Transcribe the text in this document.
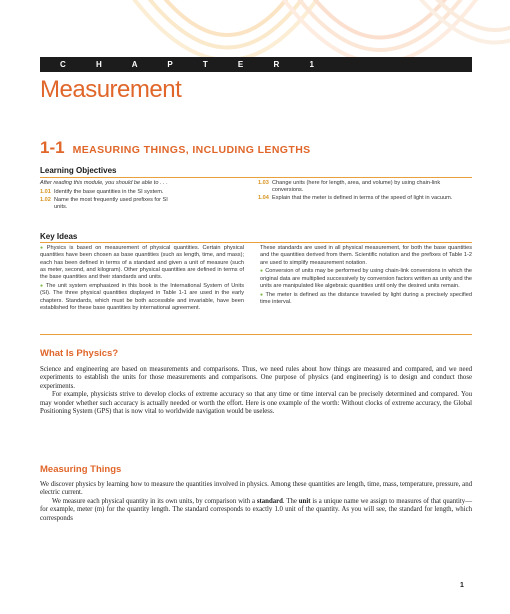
C H A P T E R 1
Measurement
1-1 MEASURING THINGS, INCLUDING LENGTHS
Learning Objectives
After reading this module, you should be able to . . .
1.01 Identify the base quantities in the SI system.
1.02 Name the most frequently used prefixes for SI units.
1.03 Change units (here for length, area, and volume) by using chain-link conversions.
1.04 Explain that the meter is defined in terms of the speed of light in vacuum.
Key Ideas

● Physics is based on measurement of physical quantities. Certain physical quantities have been chosen as base quantities (such as length, time, and mass); each has been defined in terms of a standard and given a unit of measure (such as meter, second, and kilogram). Other physical quantities are defined in terms of the base quantities and their standards and units.

● The unit system emphasized in this book is the International System of Units (SI). The three physical quantities displayed in Table 1-1 are used in the early chapters. Standards, which must be both accessible and invariable, have been established for these base quantities by international agreement.

These standards are used in all physical measurement, for both the base quantities and the quantities derived from them. Scientific notation and the prefixes of Table 1-2 are used to simplify measurement notation.

● Conversion of units may be performed by using chain-link conversions in which the original data are multiplied successively by conversion factors written as unity and the units are manipulated like algebraic quantities until only the desired units remain.

● The meter is defined as the distance traveled by light during a precisely specified time interval.

What Is Physics?

Science and engineering are based on measurements and comparisons. Thus, we need rules about how things are measured and compared, and we need experiments to establish the units for those measurements and comparisons. One purpose of physics (and engineering) is to design and conduct those experiments.

For example, physicists strive to develop clocks of extreme accuracy so that any time or time interval can be precisely determined and compared. You may wonder whether such accuracy is actually needed or worth the effort. Here is one example of the worth: Without clocks of extreme accuracy, the Global Positioning System (GPS) that is now vital to worldwide navigation would be useless.

Measuring Things

We discover physics by learning how to measure the quantities involved in physics. Among these quantities are length, time, mass, temperature, pressure, and electric current.

We measure each physical quantity in its own units, by comparison with a standard. The unit is a unique name we assign to measures of that quantity—for example, meter (m) for the quantity length. The standard corresponds to exactly 1.0 unit of the quantity. As you will see, the standard for length, which corresponds

1
